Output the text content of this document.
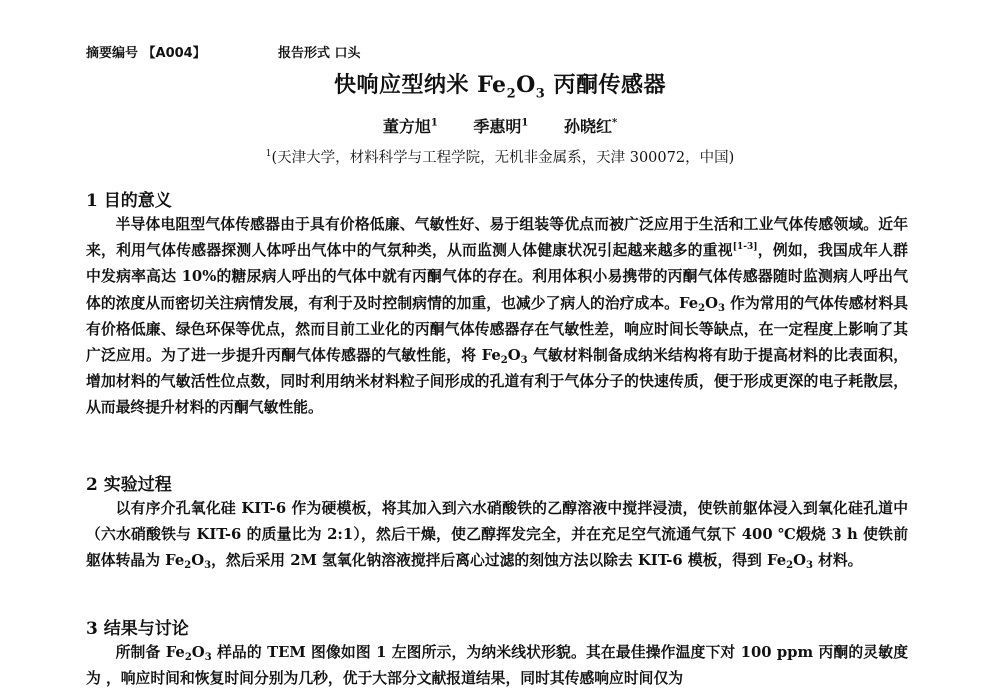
摘要编号 【A004】	报告形式 口头
快响应型纳米 $Fe_2O_3$ 丙酮传感器
董方旭$^1$ 季惠明$^1$ 孙晓红*
$^1$(天津大学，材料科学与工程学院，无机非金属系，天津 300072，中国)
1 目的意义

半导体电阻型气体传感器由于具有价格低廉、气敏性好、易于组装等优点而被广泛应用于生活和工业气体传感领域。近年来，利用气体传感器探测人体呼出气体中的气氛种类，从而监测人体健康状况引起越来越多的重视[1-3]，例如，我国成年人群中发病率高达 10%的糖尿病人呼出的气体中就有丙酮气体的存在。利用体积小易携带的丙酮气体传感器随时监测病人呼出气体的浓度从而密切关注病情发展，有利于及时控制病情的加重，也减少了病人的治疗成本。$Fe_2O_3$ 作为常用的气体传感材料具有价格低廉、绿色环保等优点，然而目前工业化的丙酮气体传感器存在气敏性差，响应时间长等缺点，在一定程度上影响了其广泛应用。为了进一步提升丙酮气体传感器的气敏性能，将 $Fe_2O_3$ 气敏材料制备成纳米结构将有助于提高材料的比表面积，增加材料的气敏活性位点数，同时利用纳米材料粒子间形成的孔道有利于气体分子的快速传质，便于形成更深的电子耗散层，从而最终提升材料的丙酮气敏性能。

2 实验过程

以有序介孔氧化硅 KIT-6 作为硬模板，将其加入到六水硝酸铁的乙醇溶液中搅拌浸渍，使铁前躯体浸入到氧化硅孔道中（六水硝酸铁与 KIT-6 的质量比为 2:1），然后干燥，使乙醇挥发完全，并在充足空气流通气氛下 400 ℃煅烧 3 h 使铁前躯体转晶为 $Fe_2O_3$，然后采用 2M 氢氧化钠溶液搅拌后离心过滤的刻蚀方法以除去 KIT-6 模板，得到 $Fe_2O_3$ 材料。

3 结果与讨论

所制备 $Fe_2O_3$ 样品的 TEM 图像如图 1 左图所示，为纳米线状形貌。其在最佳操作温度下对 100 ppm 丙酮的灵敏度为 ，响应时间和恢复时间分别为几秒，优于大部分文献报道结果，同时其传感响应时间仅为
